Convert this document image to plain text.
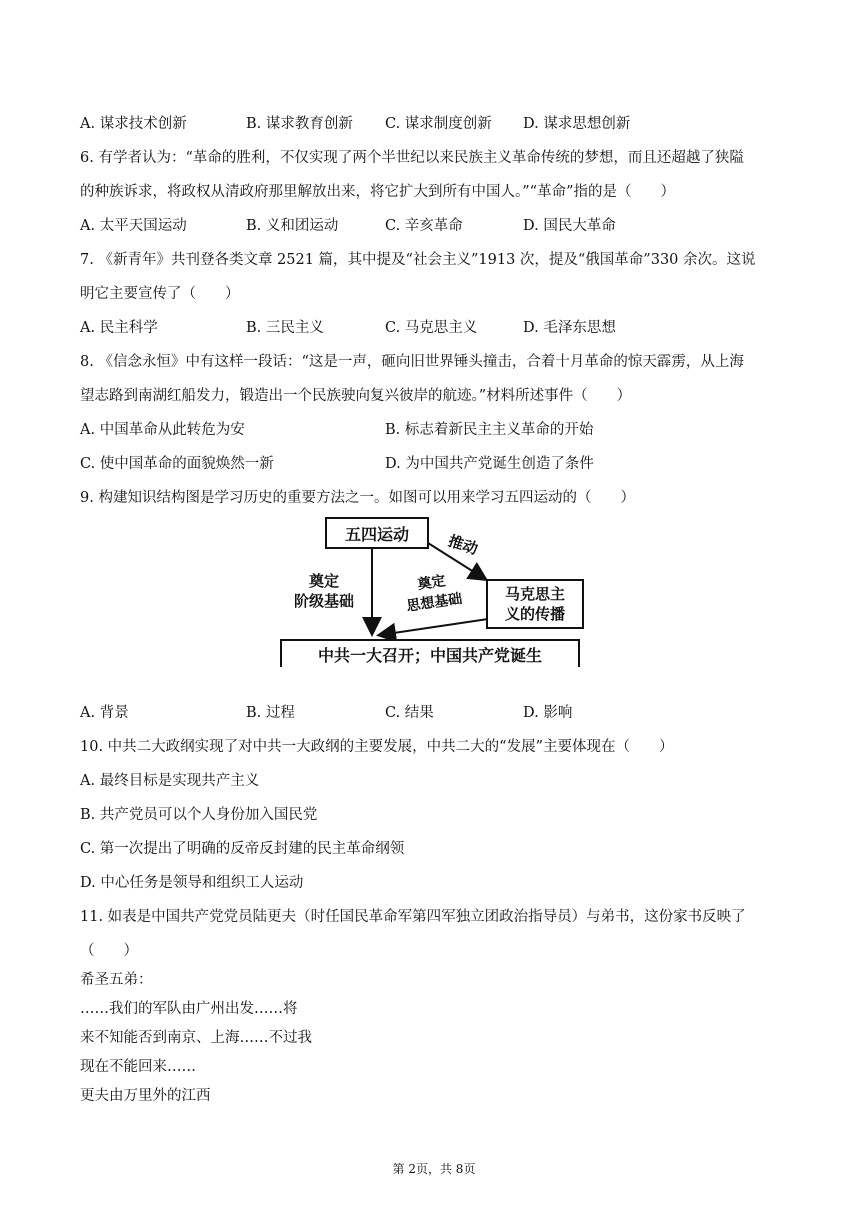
A. 谋求技术创新	B. 谋求教育创新 C. 谋求制度创新 D. 谋求思想创新
6. 有学者认为：“革命的胜利，不仅实现了两个半世纪以来民族主义革命传统的梦想，而且还超越了狭隘
的种族诉求，将政权从清政府那里解放出来，将它扩大到所有中国人。”“革命”指的是（　　）
A. 太平天国运动	B. 义和团运动	C. 辛亥革命	D. 国民大革命
7. 《新青年》共刊登各类文章 2521 篇，其中提及“社会主义”1913 次，提及“俄国革命”330 余次。这说
明它主要宣传了（　　）
A. 民主科学	B. 三民主义	C. 马克思主义	D. 毛泽东思想
8. 《信念永恒》中有这样一段话：“这是一声，砸向旧世界锤头撞击，合着十月革命的惊天霹雳，从上海
望志路到南湖红船发力，锻造出一个民族驶向复兴彼岸的航迹。”材料所述事件（　　）
A. 中国革命从此转危为安	B. 标志着新民主主义革命的开始
C. 使中国革命的面貌焕然一新	D. 为中国共产党诞生创造了条件
9. 构建知识结构图是学习历史的重要方法之一。如图可以用来学习五四运动的（　　）
五四运动
马克思主
义的传播
中共一大召开；中国共产党诞生
推动
奠定
阶级基础
奠定
思想基础
A. 背景	B. 过程	C. 结果	D. 影响
10. 中共二大政纲实现了对中共一大政纲的主要发展，中共二大的“发展”主要体现在（　　）
A. 最终目标是实现共产主义
B. 共产党员可以个人身份加入国民党
C. 第一次提出了明确的反帝反封建的民主革命纲领
D. 中心任务是领导和组织工人运动
11. 如表是中国共产党党员陆更夫（时任国民革命军第四军独立团政治指导员）与弟书，这份家书反映了
（　　）
希圣五弟：
……我们的军队由广州出发……将
来不知能否到南京、上海……不过我
现在不能回来……
更夫由万里外的江西
第 2页，共 8页
